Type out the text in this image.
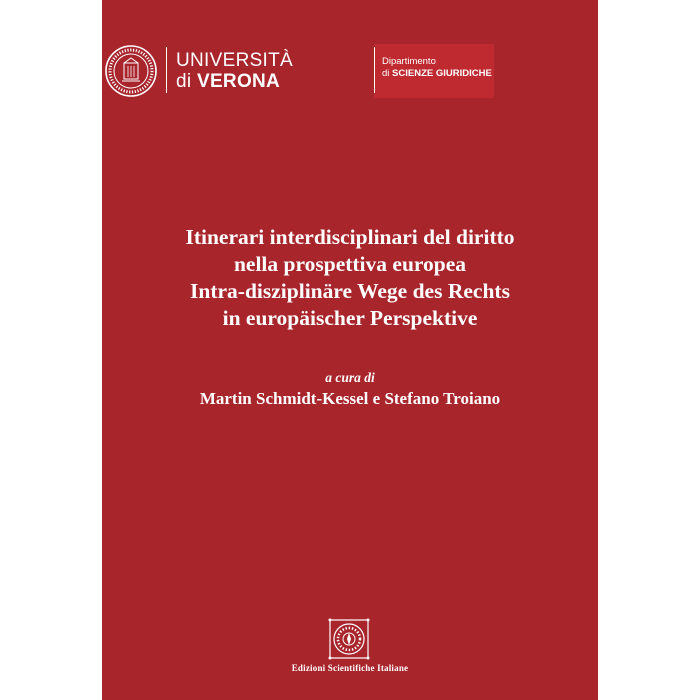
UNIVERSITÀ
di VERONA
Dipartimento
di SCIENZE GIURIDICHE
Itinerari interdisciplinari del diritto
nella prospettiva europea
Intra-disziplinäre Wege des Rechts
in europäischer Perspektive
a cura di
Martin Schmidt-Kessel e Stefano Troiano
Edizioni Scientifiche Italiane
